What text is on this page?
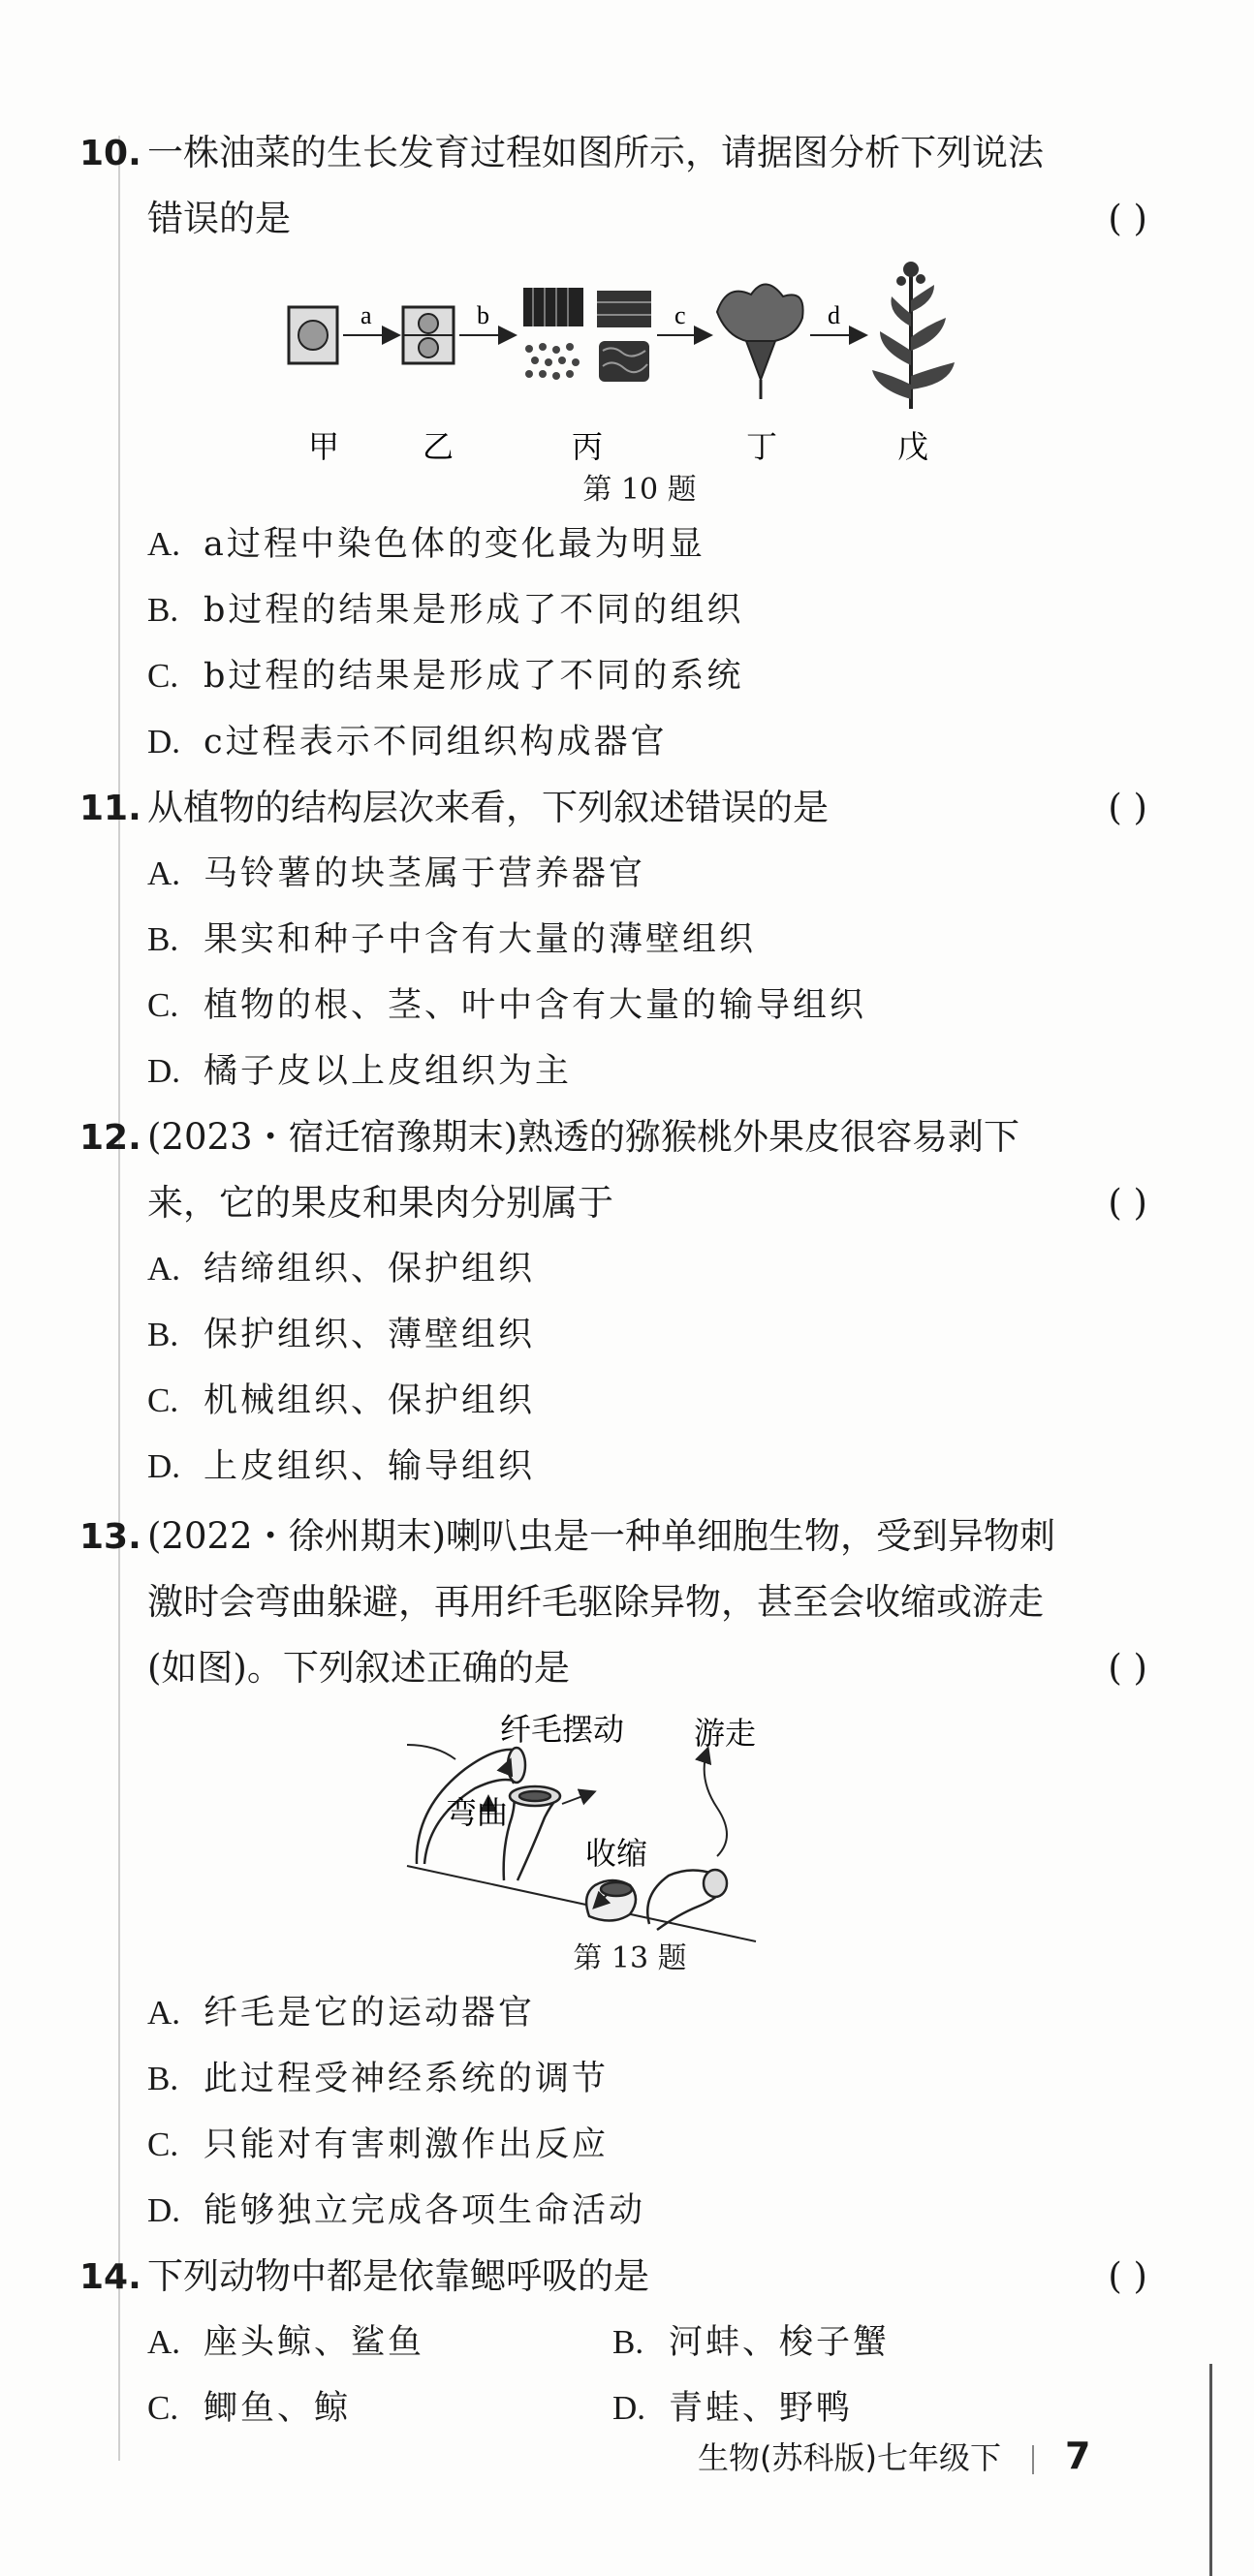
10. 一株油菜的生长发育过程如图所示，请据图分析下列说法
错误的是	( )
a	b	c	d
甲	乙	丙	丁	戊
第 10 题
A. a过程中染色体的变化最为明显
B. b过程的结果是形成了不同的组织
C. b过程的结果是形成了不同的系统
D. c过程表示不同组织构成器官
11. 从植物的结构层次来看，下列叙述错误的是	( )
A. 马铃薯的块茎属于营养器官
B. 果实和种子中含有大量的薄壁组织
C. 植物的根、茎、叶中含有大量的输导组织
D. 橘子皮以上皮组织为主
12. (2023・宿迁宿豫期末)熟透的猕猴桃外果皮很容易剥下
来，它的果皮和果肉分别属于	( )
A. 结缔组织、保护组织
B. 保护组织、薄壁组织
C. 机械组织、保护组织
D. 上皮组织、输导组织
13. (2022・徐州期末)喇叭虫是一种单细胞生物，受到异物刺
激时会弯曲躲避，再用纤毛驱除异物，甚至会收缩或游走
(如图)。下列叙述正确的是	( )
弯曲
纤毛摆动
收缩
游走
第 13 题
A. 纤毛是它的运动器官
B. 此过程受神经系统的调节
C. 只能对有害刺激作出反应
D. 能够独立完成各项生命活动
14. 下列动物中都是依靠鳃呼吸的是	( )
A. 座头鲸、鲨鱼	B. 河蚌、梭子蟹
C. 鲫鱼、鲸	D. 青蛙、野鸭
生物(苏科版)七年级下 7
